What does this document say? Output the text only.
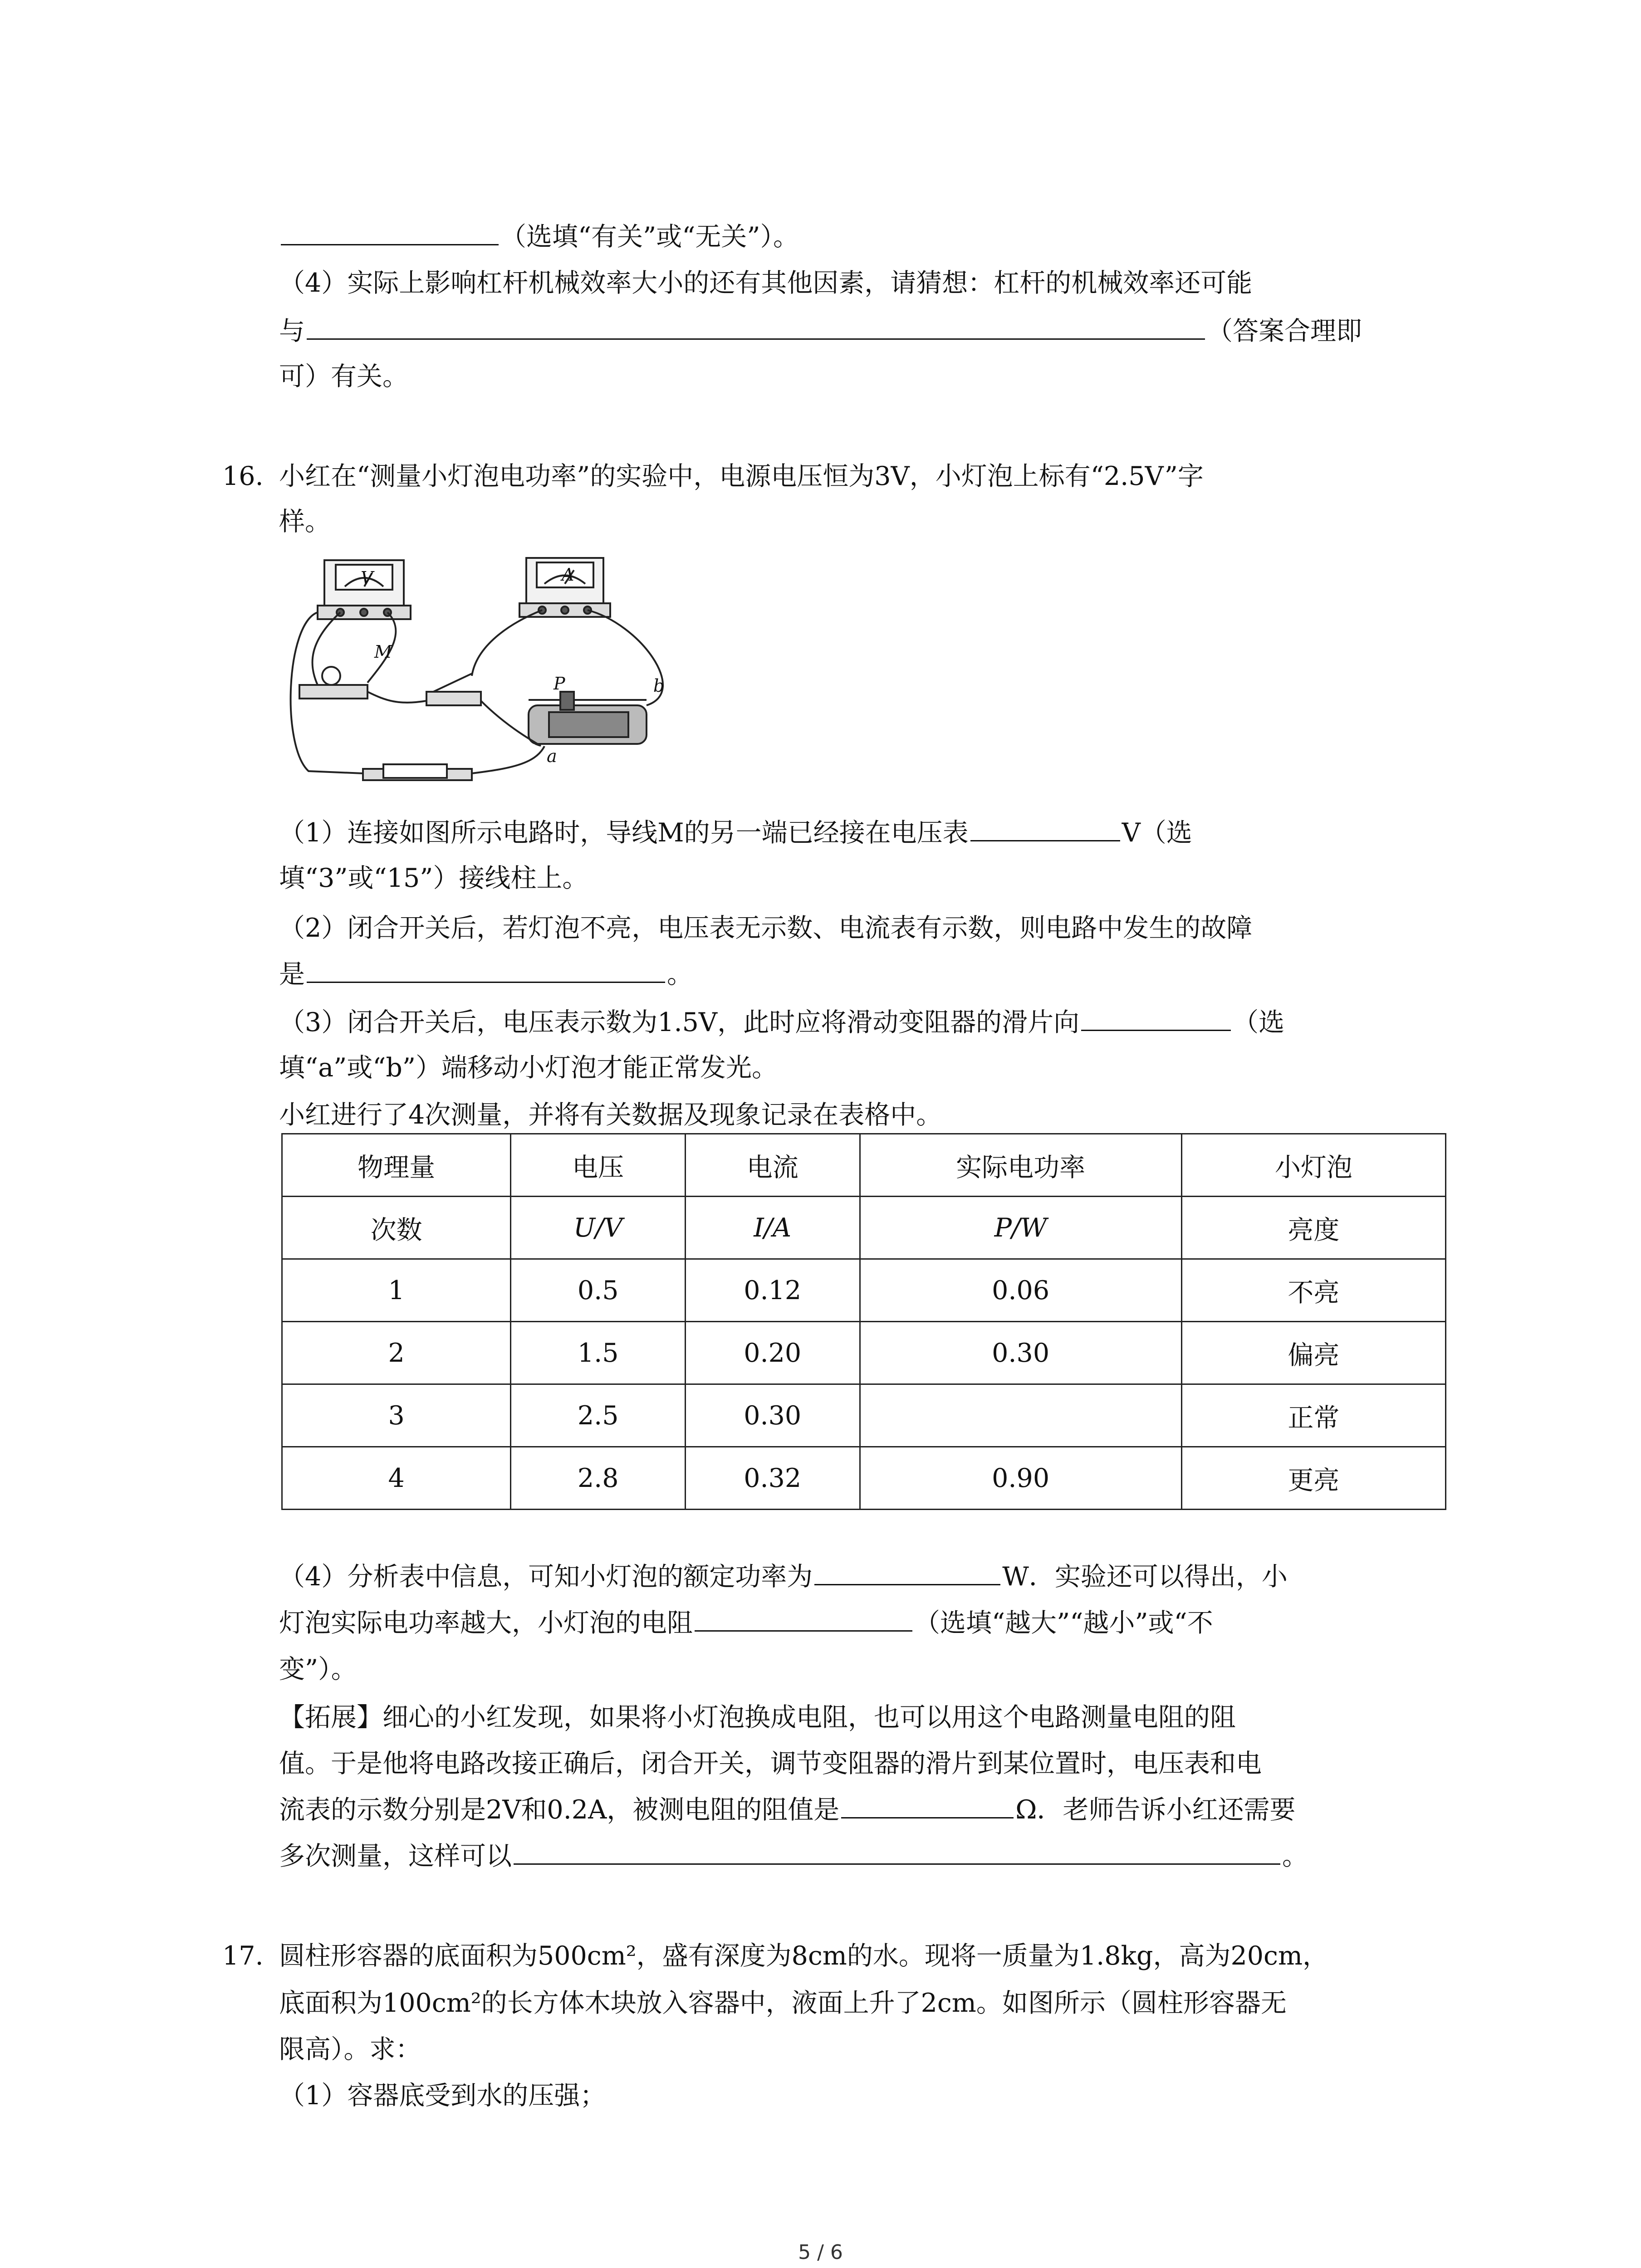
（选填“有关”或“无关”）。
（4）实际上影响杠杆机械效率大小的还有其他因素，请猜想：杠杆的机械效率还可能
与	（答案合理即
可）有关。
16. 小红在“测量小灯泡电功率”的实验中，电源电压恒为3V，小灯泡上标有“2.5V”字
样。
V	A
M
P
a
b
（1）连接如图所示电路时，导线M的另一端已经接在电压表	V（选
填“3”或“15”）接线柱上。
（2）闭合开关后，若灯泡不亮，电压表无示数、电流表有示数，则电路中发生的故障
是	。
（3）闭合开关后，电压表示数为1.5V，此时应将滑动变阻器的滑片向	（选
填“a”或“b”）端移动小灯泡才能正常发光。
小红进行了4次测量，并将有关数据及现象记录在表格中。
物理量	电压	电流	实际电功率	小灯泡
次数	U/V	I/A	P/W	亮度
1	0.5	0.12	0.06	不亮
2	1.5	0.20	0.30	偏亮
3	2.5	0.30		正常
4	2.8	0.32	0.90	更亮
（4）分析表中信息，可知小灯泡的额定功率为	W．实验还可以得出，小
灯泡实际电功率越大，小灯泡的电阻	（选填“越大”“越小”或“不
变”）。
【拓展】细心的小红发现，如果将小灯泡换成电阻，也可以用这个电路测量电阻的阻
值。于是他将电路改接正确后，闭合开关，调节变阻器的滑片到某位置时，电压表和电
流表的示数分别是2V和0.2A，被测电阻的阻值是	Ω．老师告诉小红还需要
多次测量，这样可以	。
17. 圆柱形容器的底面积为500cm²，盛有深度为8cm的水。现将一质量为1.8kg，高为20cm，
底面积为100cm²的长方体木块放入容器中，液面上升了2cm。如图所示（圆柱形容器无
限高）。求：
（1）容器底受到水的压强；
5 / 6
